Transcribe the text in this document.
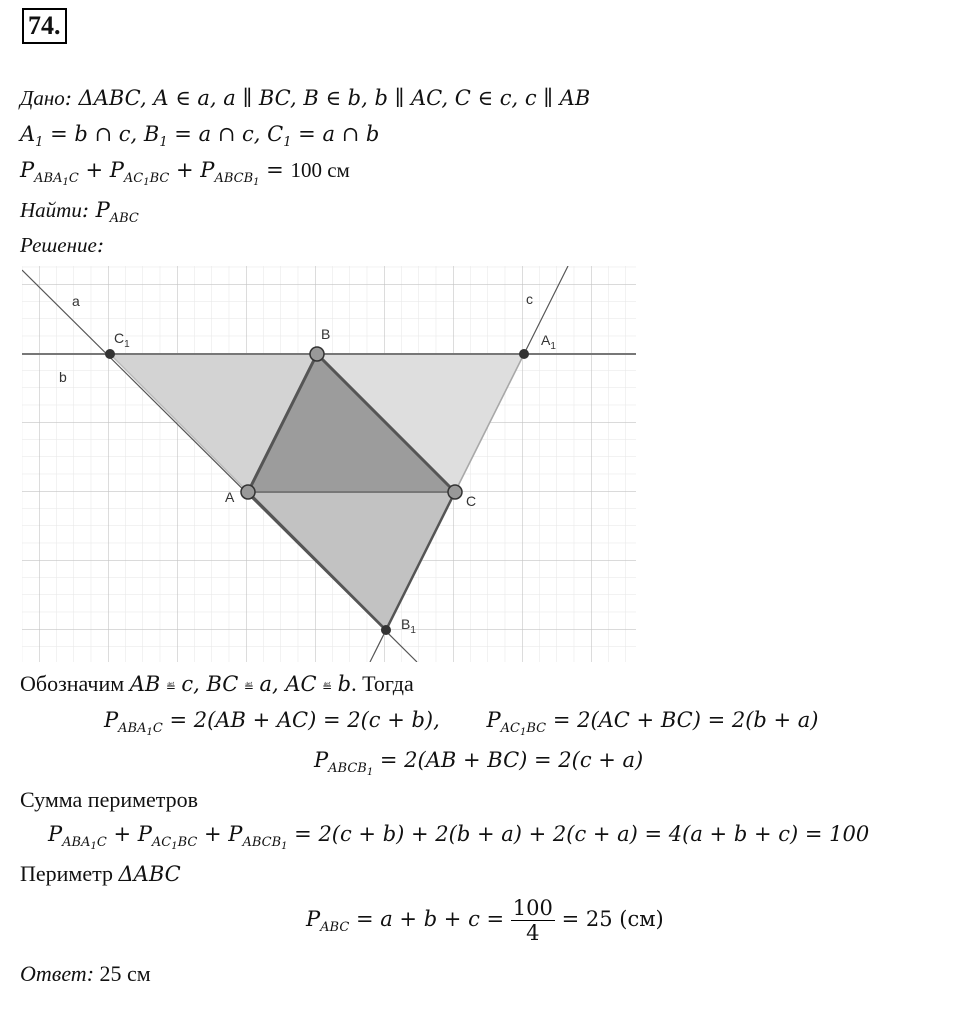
74.
Дано: ΔABC, A ∈ a, a ∥ BC, B ∈ b, b ∥ AC, C ∈ c, c ∥ AB
$A_1 = b$ ∩ c, $B_1 = a$ ∩ c, $C_1 = a$ ∩ b
$P_{ABA_1C} + P_{AC_1BC} + P_{ABCB_1} = 100$ см
Найти: $P_{ABC}$
Решение:
a
b
c
A
B
C
$A_1$
$B_1$
$C_1$
Обозначим AB ≝ c, BC ≝ a, AC ≝ b. Тогда
$P_{ABA_1C} = 2(AB + AC) = 2(c + b)$,       $P_{AC_1BC} = 2(AC + BC) = 2(b + a)$
$P_{ABCB_1} = 2(AB + BC) = 2(c + a)$
Сумма периметров
$P_{ABA_1C} + P_{AC_1BC} + P_{ABCB_1} = 2(c + b) + 2(b + a) + 2(c + a) = 4(a + b + c) = 100$
Периметр ΔABC
$P_{ABC} = a + b + c = \frac{100}{4} = 25$ (см)
Ответ: 25 см
